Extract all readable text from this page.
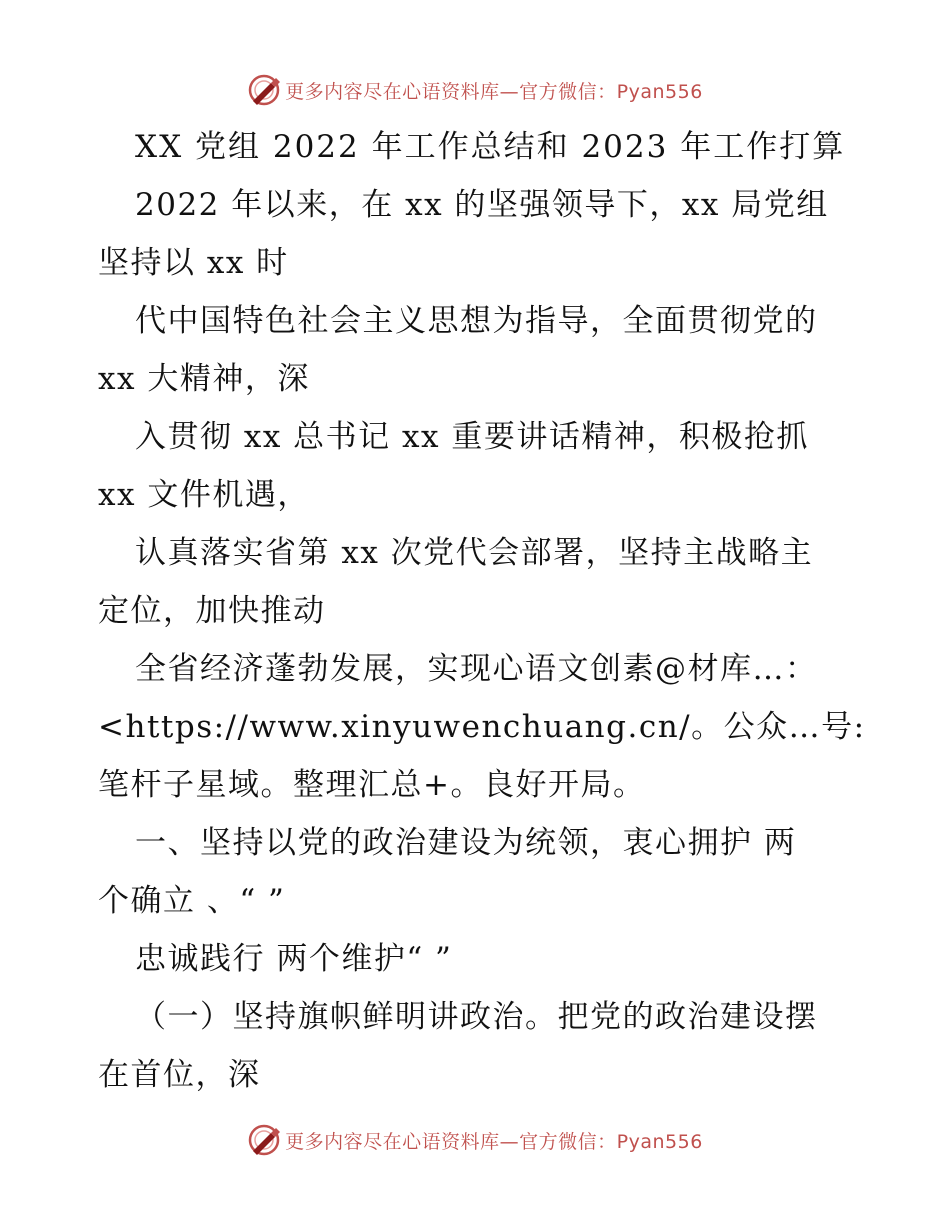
更多内容尽在心语资料库—官方微信：Pyan556
XX 党组 2022 年工作总结和 2023 年工作打算
2022 年以来，在 xx 的坚强领导下，xx 局党组
坚持以 xx 时
代中国特色社会主义思想为指导，全面贯彻党的
xx 大精神，深
入贯彻 xx 总书记 xx 重要讲话精神，积极抢抓
xx 文件机遇，
认真落实省第 xx 次党代会部署，坚持主战略主
定位，加快推动
全省经济蓬勃发展，实现心语文创素@材库…：
<https://www.xinyuwenchuang.cn/。公众…号:
笔杆子星域。整理汇总+。良好开局。
一、坚持以党的政治建设为统领，衷心拥护 两
个确立 、“ ”
忠诚践行 两个维护“ ”
（一）坚持旗帜鲜明讲政治。把党的政治建设摆
在首位，深
更多内容尽在心语资料库—官方微信：Pyan556
